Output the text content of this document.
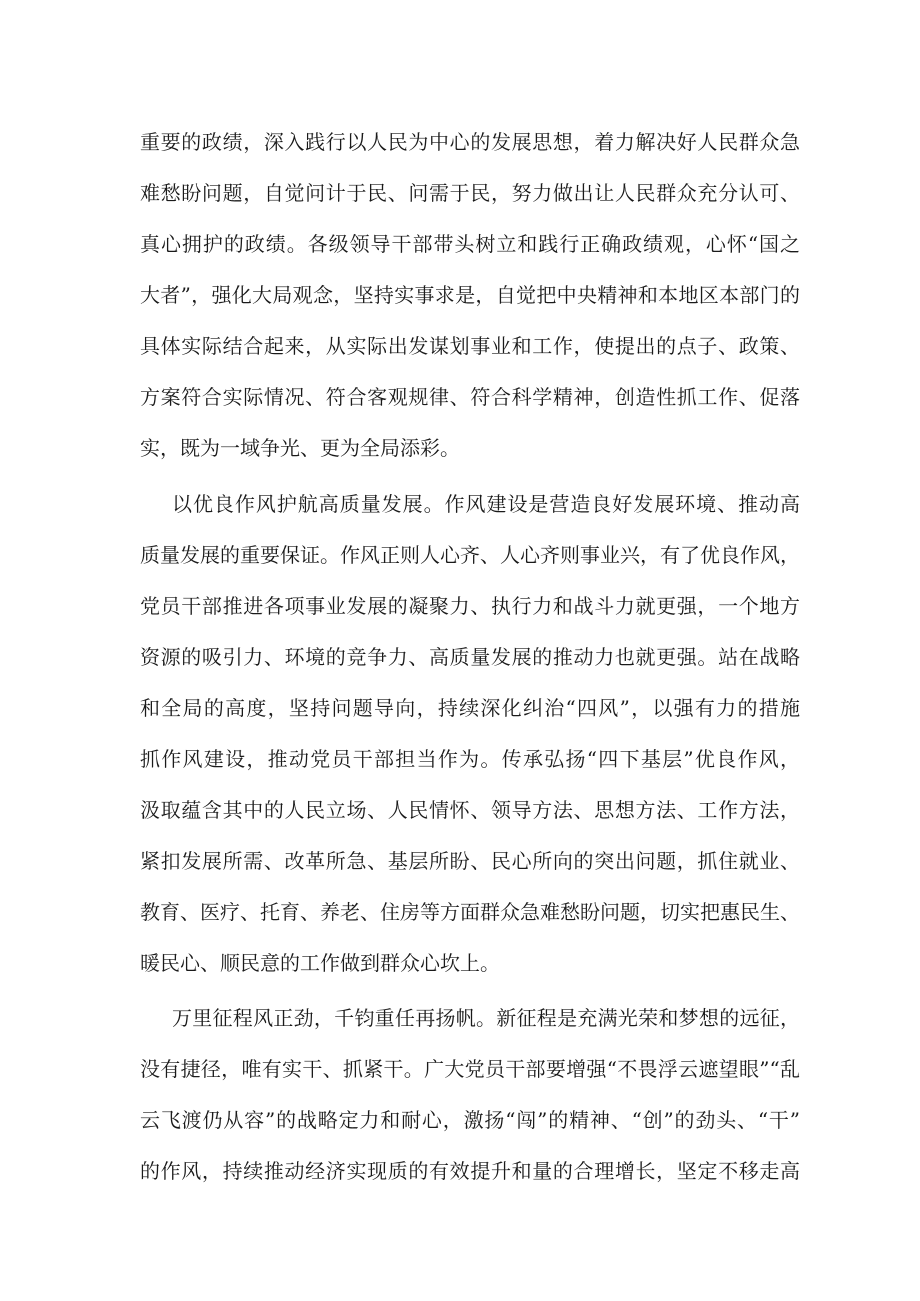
重要的政绩，深入践行以人民为中心的发展思想，着力解决好人民群众急
难愁盼问题，自觉问计于民、问需于民，努力做出让人民群众充分认可、
真心拥护的政绩。各级领导干部带头树立和践行正确政绩观，心怀“国之
大者”，强化大局观念，坚持实事求是，自觉把中央精神和本地区本部门的
具体实际结合起来，从实际出发谋划事业和工作，使提出的点子、政策、
方案符合实际情况、符合客观规律、符合科学精神，创造性抓工作、促落
实，既为一域争光、更为全局添彩。
以优良作风护航高质量发展。作风建设是营造良好发展环境、推动高
质量发展的重要保证。作风正则人心齐、人心齐则事业兴，有了优良作风，
党员干部推进各项事业发展的凝聚力、执行力和战斗力就更强，一个地方
资源的吸引力、环境的竞争力、高质量发展的推动力也就更强。站在战略
和全局的高度，坚持问题导向，持续深化纠治“四风”，以强有力的措施
抓作风建设，推动党员干部担当作为。传承弘扬“四下基层”优良作风，
汲取蕴含其中的人民立场、人民情怀、领导方法、思想方法、工作方法，
紧扣发展所需、改革所急、基层所盼、民心所向的突出问题，抓住就业、
教育、医疗、托育、养老、住房等方面群众急难愁盼问题，切实把惠民生、
暖民心、顺民意的工作做到群众心坎上。
万里征程风正劲，千钧重任再扬帆。新征程是充满光荣和梦想的远征，
没有捷径，唯有实干、抓紧干。广大党员干部要增强“不畏浮云遮望眼”“乱
云飞渡仍从容”的战略定力和耐心，激扬“闯”的精神、“创”的劲头、“干”
的作风，持续推动经济实现质的有效提升和量的合理增长，坚定不移走高
